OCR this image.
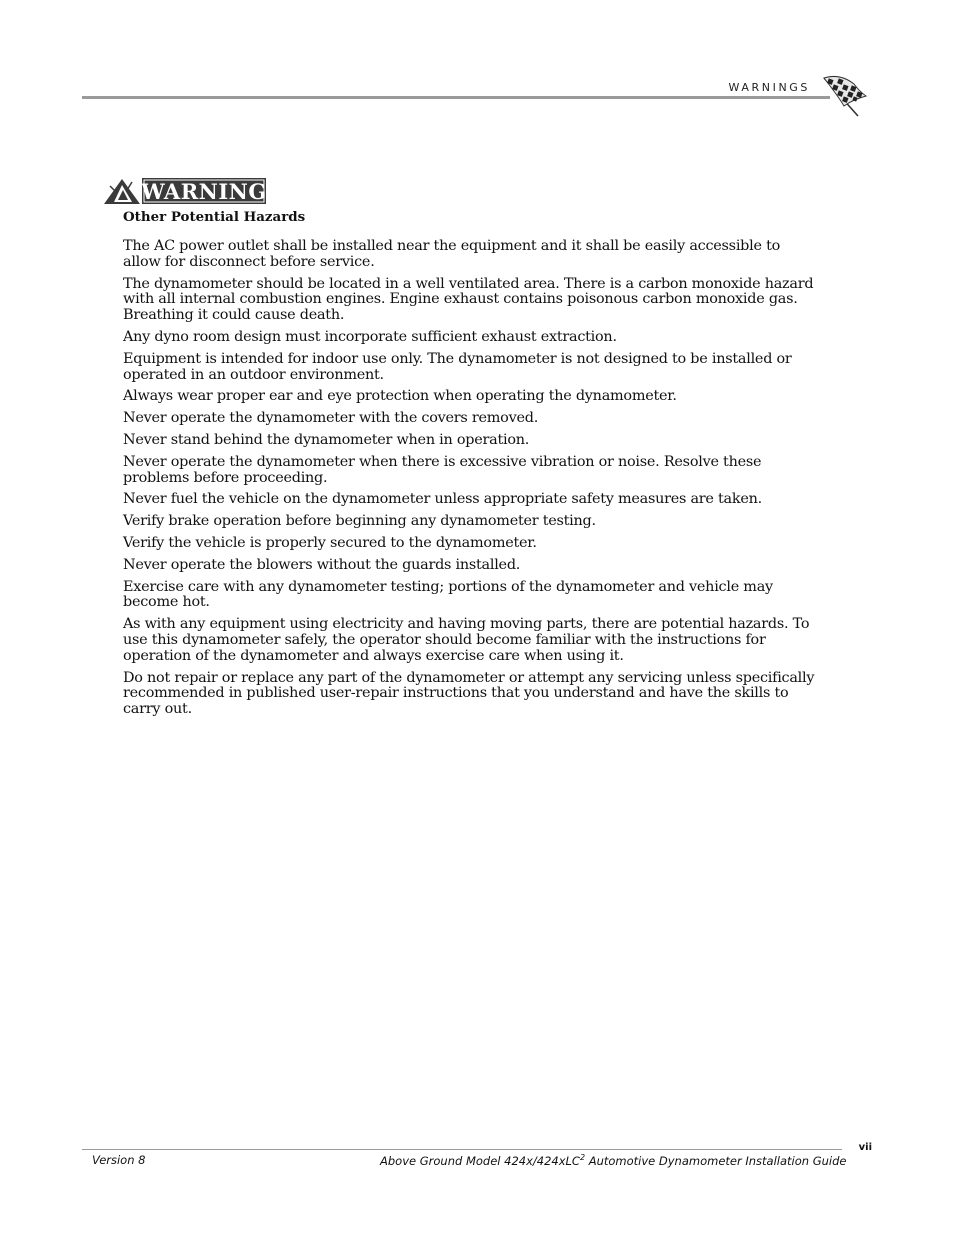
WARNINGS
WARNING
Other Potential Hazards

The AC power outlet shall be installed near the equipment and it shall be easily accessible to allow for disconnect before service.

The dynamometer should be located in a well ventilated area. There is a carbon monoxide hazard with all internal combustion engines. Engine exhaust contains poisonous carbon monoxide gas. Breathing it could cause death.

Any dyno room design must incorporate sufficient exhaust extraction.

Equipment is intended for indoor use only. The dynamometer is not designed to be installed or operated in an outdoor environment.

Always wear proper ear and eye protection when operating the dynamometer.

Never operate the dynamometer with the covers removed.

Never stand behind the dynamometer when in operation.

Never operate the dynamometer when there is excessive vibration or noise. Resolve these problems before proceeding.

Never fuel the vehicle on the dynamometer unless appropriate safety measures are taken.

Verify brake operation before beginning any dynamometer testing.

Verify the vehicle is properly secured to the dynamometer.

Never operate the blowers without the guards installed.

Exercise care with any dynamometer testing; portions of the dynamometer and vehicle may become hot.

As with any equipment using electricity and having moving parts, there are potential hazards. To use this dynamometer safely, the operator should become familiar with the instructions for operation of the dynamometer and always exercise care when using it.

Do not repair or replace any part of the dynamometer or attempt any servicing unless specifically recommended in published user-repair instructions that you understand and have the skills to carry out.

vii
Version 8	Above Ground Model 424x/424xLC$^2$ Automotive Dynamometer Installation Guide
